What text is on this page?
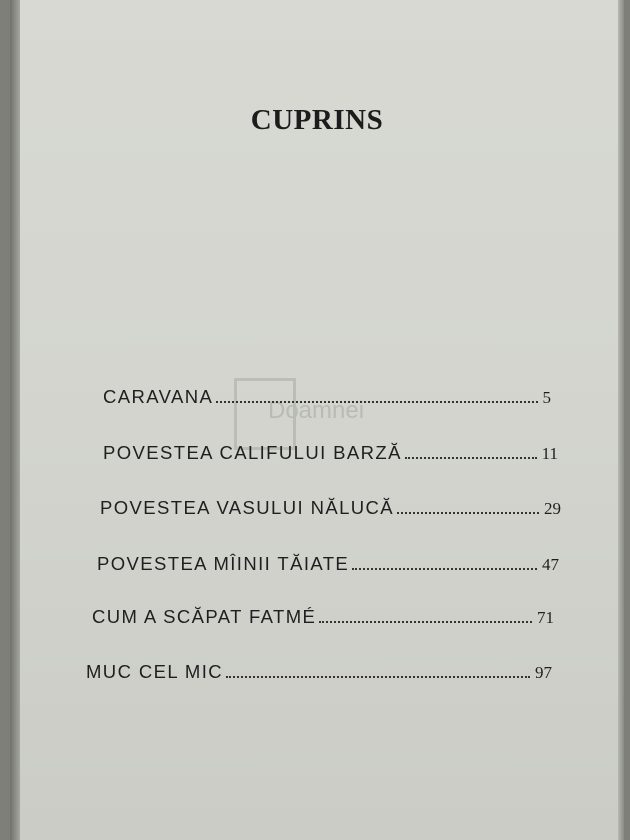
Doamnei
CUPRINS
CARAVANA	5
POVESTEA CALIFULUI BARZĂ	11
POVESTEA VASULUI NĂLUCĂ	29
POVESTEA MÎINII TĂIATE	47
CUM A SCĂPAT FATMÉ	71
MUC CEL MIC	97
